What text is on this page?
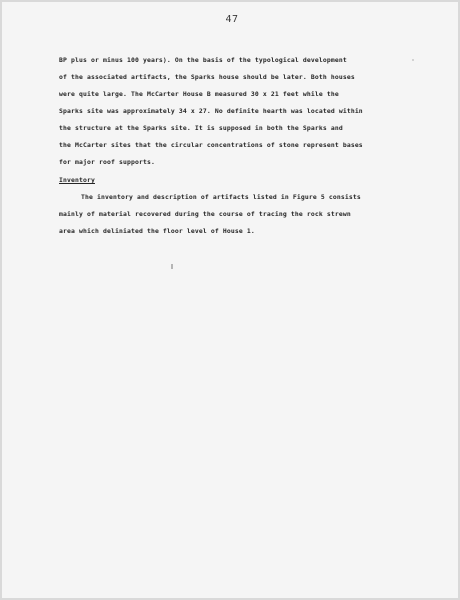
47
BP plus or minus 100 years). On the basis of the typological development
of the associated artifacts, the Sparks house should be later. Both houses
were quite large. The McCarter House B measured 30 x 21 feet while the
Sparks site was approximately 34 x 27. No definite hearth was located within
the structure at the Sparks site. It is supposed in both the Sparks and
the McCarter sites that the circular concentrations of stone represent bases
for major roof supports.
Inventory
The inventory and description of artifacts listed in Figure 5 consists
mainly of material recovered during the course of tracing the rock strewn
area which deliniated the floor level of House 1.
